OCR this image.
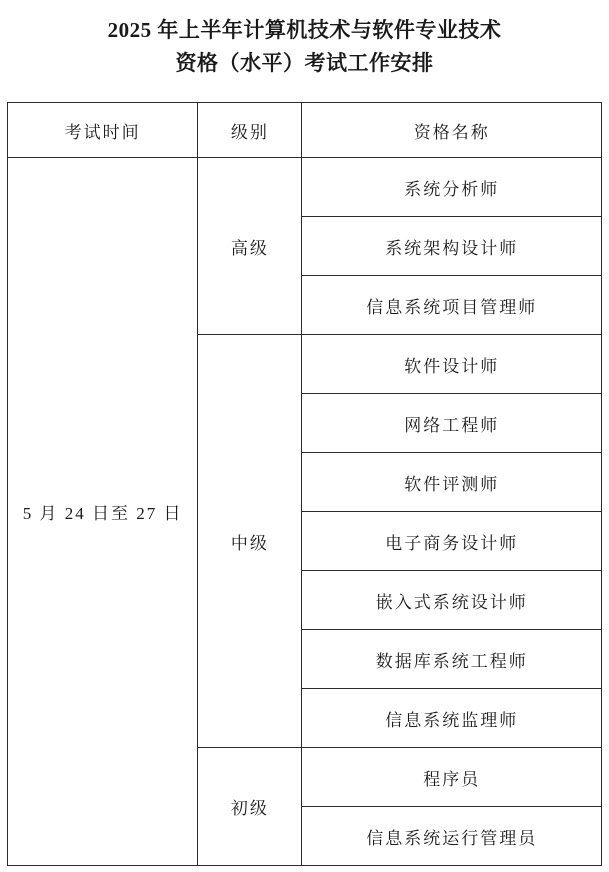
2025 年上半年计算机技术与软件专业技术
资格（水平）考试工作安排
考试时间	级别	资格名称
5 月 24 日至 27 日	高级	系统分析师
		系统架构设计师
		信息系统项目管理师
	中级	软件设计师
		网络工程师
		软件评测师
		电子商务设计师
		嵌入式系统设计师
		数据库系统工程师
		信息系统监理师
	初级	程序员
		信息系统运行管理员
